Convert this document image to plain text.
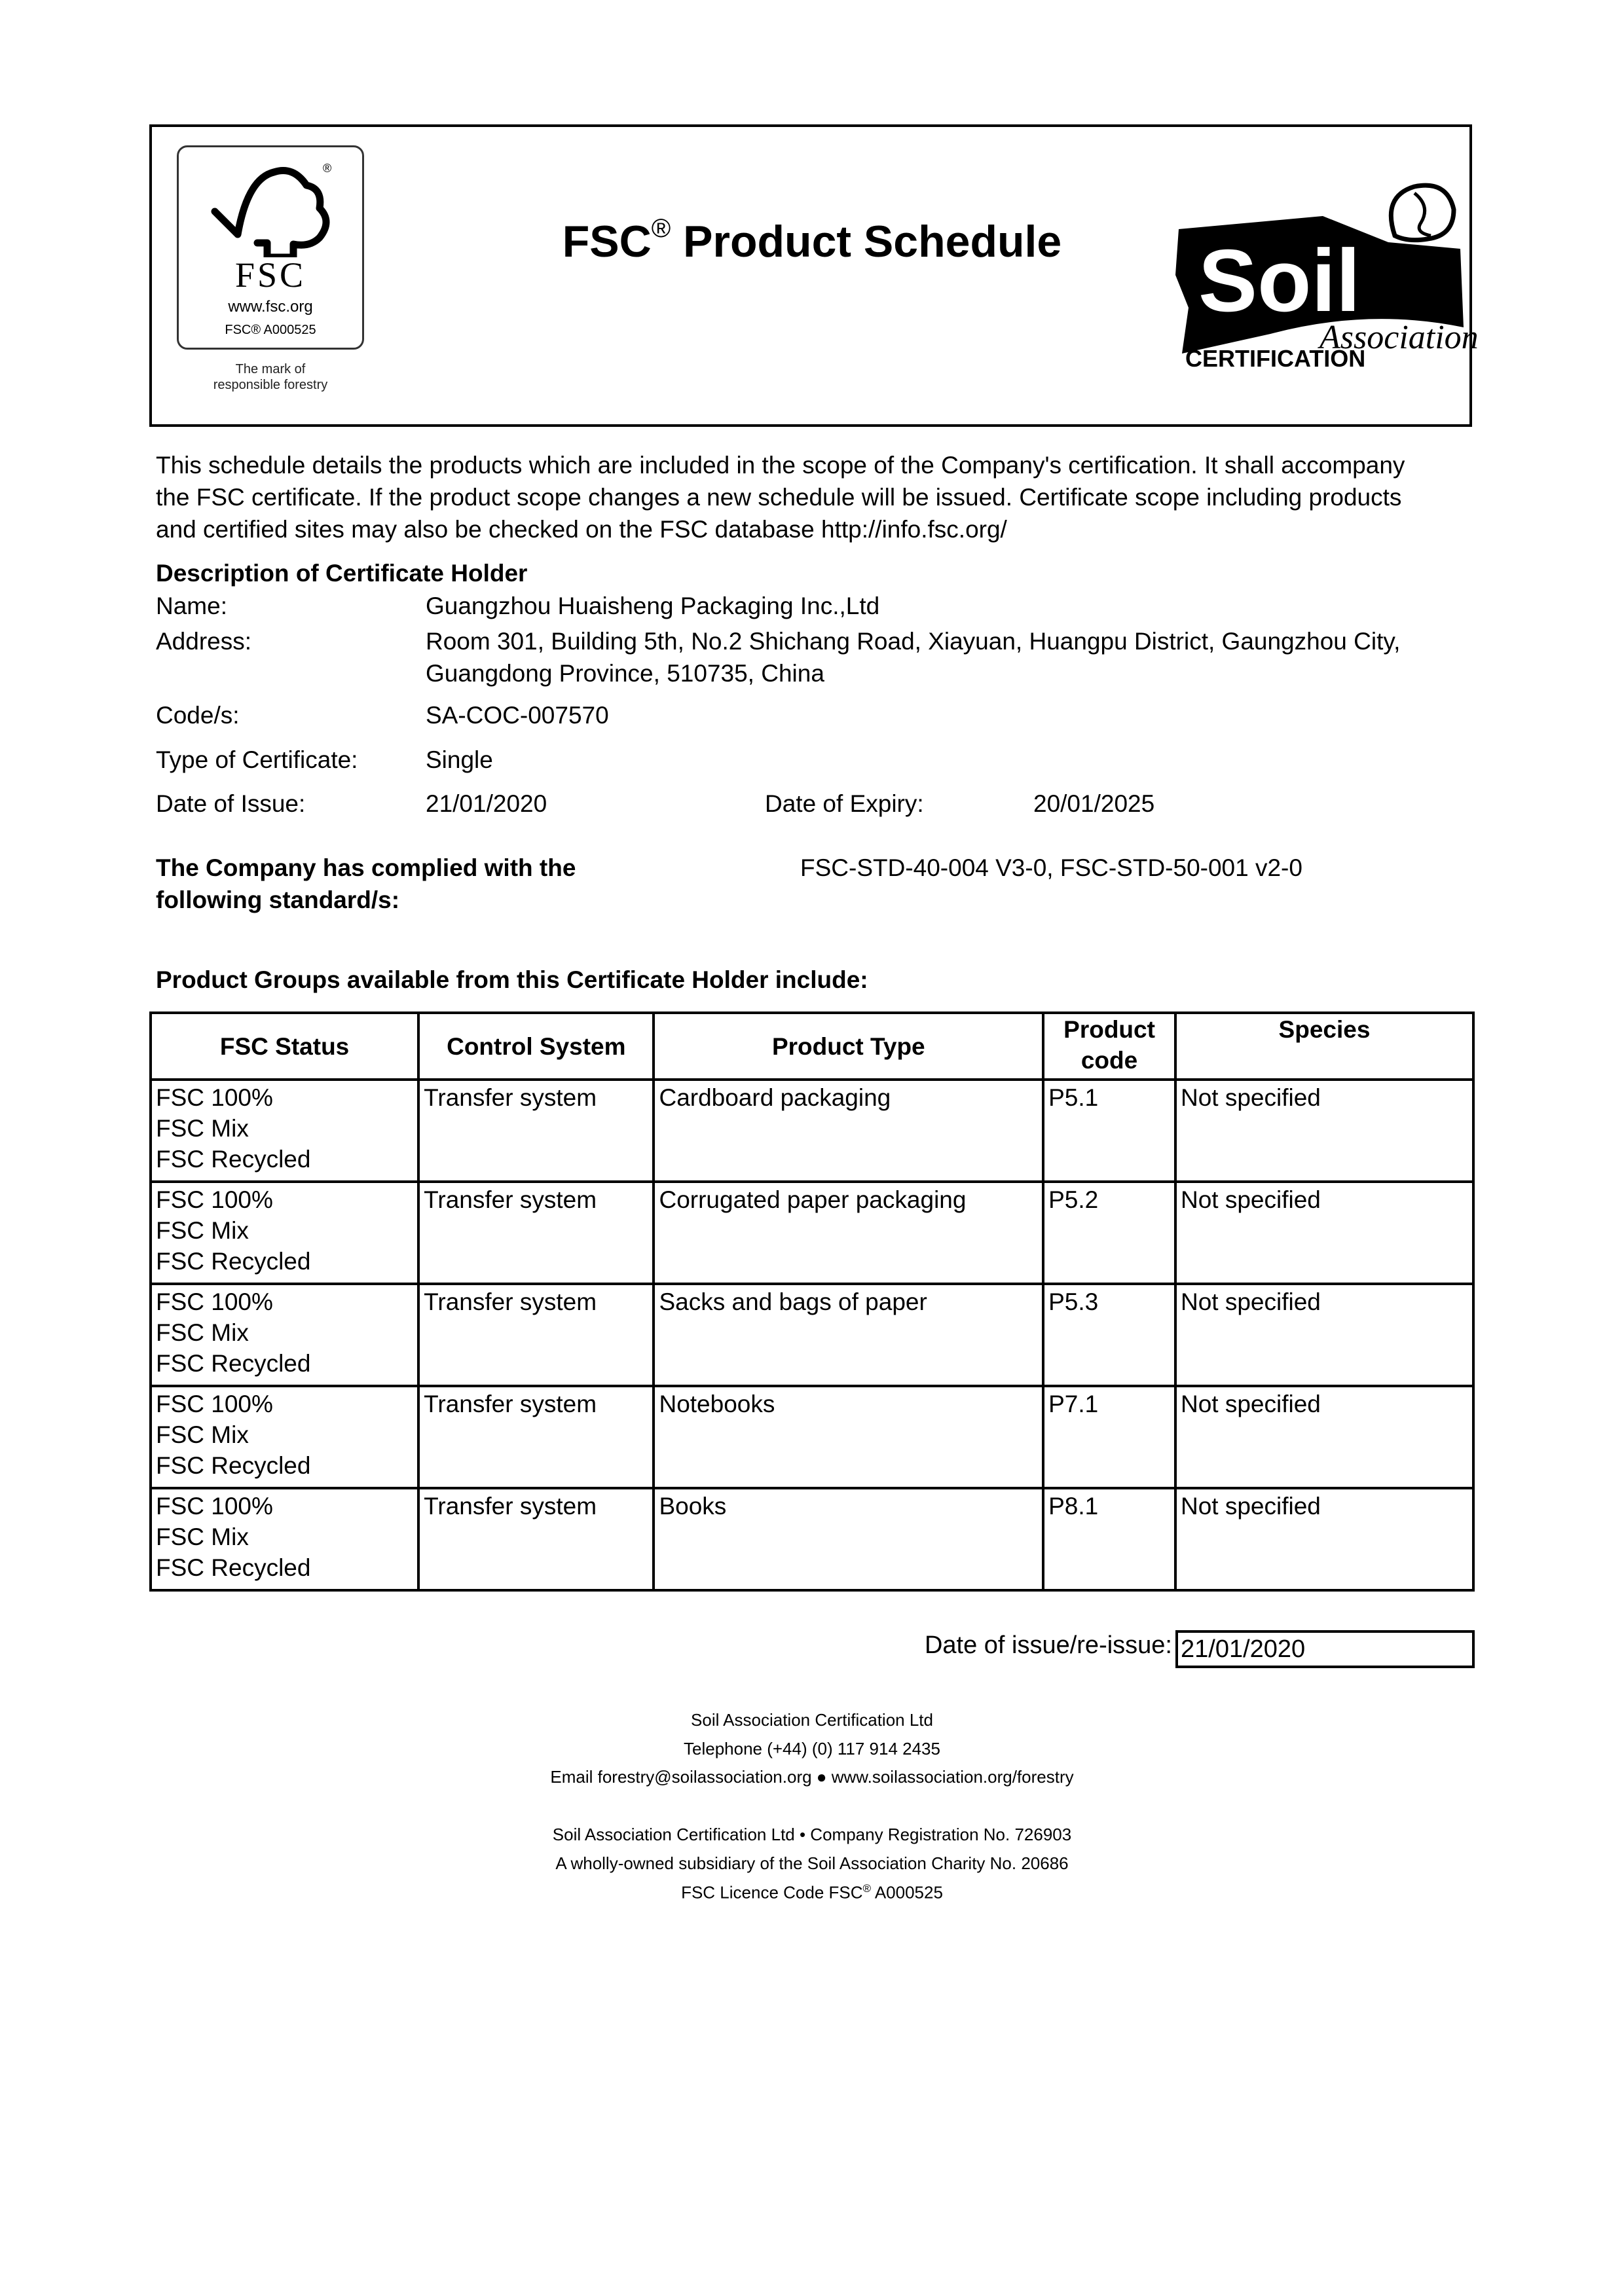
®
FSC
www.fsc.org
FSC® A000525
The mark of
responsible forestry
FSC® Product Schedule	Soil
Association
CERTIFICATION
This schedule details the products which are included in the scope of the Company's certification. It shall accompany
the FSC certificate. If the product scope changes a new schedule will be issued. Certificate scope including products
and certified sites may also be checked on the FSC database http://info.fsc.org/
Description of Certificate Holder
Name:	Guangzhou Huaisheng Packaging Inc.,Ltd
Address:	Room 301, Building 5th, No.2 Shichang Road, Xiayuan, Huangpu District, Gaungzhou City,
Guangdong Province, 510735, China
Code/s:	SA-COC-007570
Type of Certificate:	Single
Date of Issue:	21/01/2020	Date of Expiry:	20/01/2025
The Company has complied with the
following standard/s:
FSC-STD-40-004 V3-0, FSC-STD-50-001 v2-0
Product Groups available from this Certificate Holder include:
FSC Status	Control System	Product Type	Product
code	Species

FSC 100%
FSC Mix
FSC Recycled	Transfer system	Cardboard packaging	P5.1	Not specified

FSC 100%
FSC Mix
FSC Recycled	Transfer system	Corrugated paper packaging	P5.2	Not specified

FSC 100%
FSC Mix
FSC Recycled	Transfer system	Sacks and bags of paper	P5.3	Not specified

FSC 100%
FSC Mix
FSC Recycled	Transfer system	Notebooks	P7.1	Not specified

FSC 100%
FSC Mix
FSC Recycled	Transfer system	Books	P8.1	Not specified
Date of issue/re-issue: 21/01/2020
Soil Association Certification Ltd
Telephone (+44) (0) 117 914 2435
Email forestry@soilassociation.org ● www.soilassociation.org/forestry
Soil Association Certification Ltd • Company Registration No. 726903
A wholly-owned subsidiary of the Soil Association Charity No. 20686
FSC Licence Code FSC® A000525
